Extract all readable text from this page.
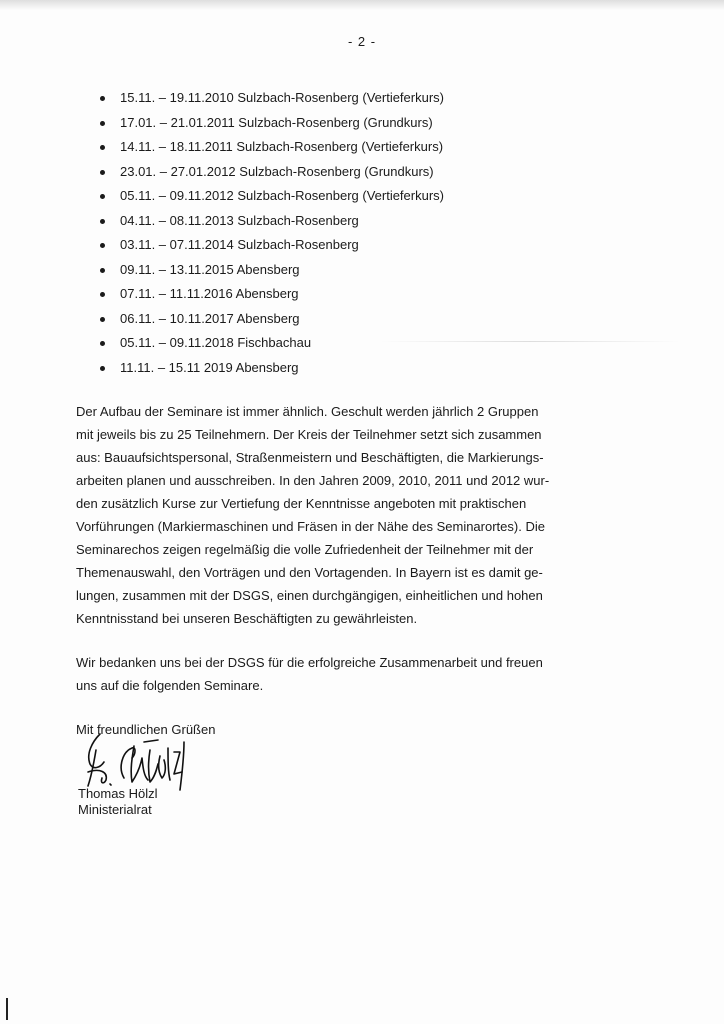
- 2 -
15.11. – 19.11.2010 Sulzbach-Rosenberg (Vertieferkurs)
17.01. – 21.01.2011 Sulzbach-Rosenberg (Grundkurs)
14.11. – 18.11.2011 Sulzbach-Rosenberg (Vertieferkurs)
23.01. – 27.01.2012 Sulzbach-Rosenberg (Grundkurs)
05.11. – 09.11.2012 Sulzbach-Rosenberg (Vertieferkurs)
04.11. – 08.11.2013 Sulzbach-Rosenberg
03.11. – 07.11.2014 Sulzbach-Rosenberg
09.11. – 13.11.2015 Abensberg
07.11. – 11.11.2016 Abensberg
06.11. – 10.11.2017 Abensberg
05.11. – 09.11.2018 Fischbachau
11.11. – 15.11 2019 Abensberg

Der Aufbau der Seminare ist immer ähnlich. Geschult werden jährlich 2 Gruppen
mit jeweils bis zu 25 Teilnehmern. Der Kreis der Teilnehmer setzt sich zusammen
aus: Bauaufsichtspersonal, Straßenmeistern und Beschäftigten, die Markierungs-
arbeiten planen und ausschreiben. In den Jahren 2009, 2010, 2011 und 2012 wur-
den zusätzlich Kurse zur Vertiefung der Kenntnisse angeboten mit praktischen
Vorführungen (Markiermaschinen und Fräsen in der Nähe des Seminarortes). Die
Seminarechos zeigen regelmäßig die volle Zufriedenheit der Teilnehmer mit der
Themenauswahl, den Vorträgen und den Vortagenden. In Bayern ist es damit ge-
lungen, zusammen mit der DSGS, einen durchgängigen, einheitlichen und hohen
Kenntnisstand bei unseren Beschäftigten zu gewährleisten.

Wir bedanken uns bei der DSGS für die erfolgreiche Zusammenarbeit und freuen
uns auf die folgenden Seminare.

Mit freundlichen Grüßen
Thomas Hölzl
Ministerialrat
